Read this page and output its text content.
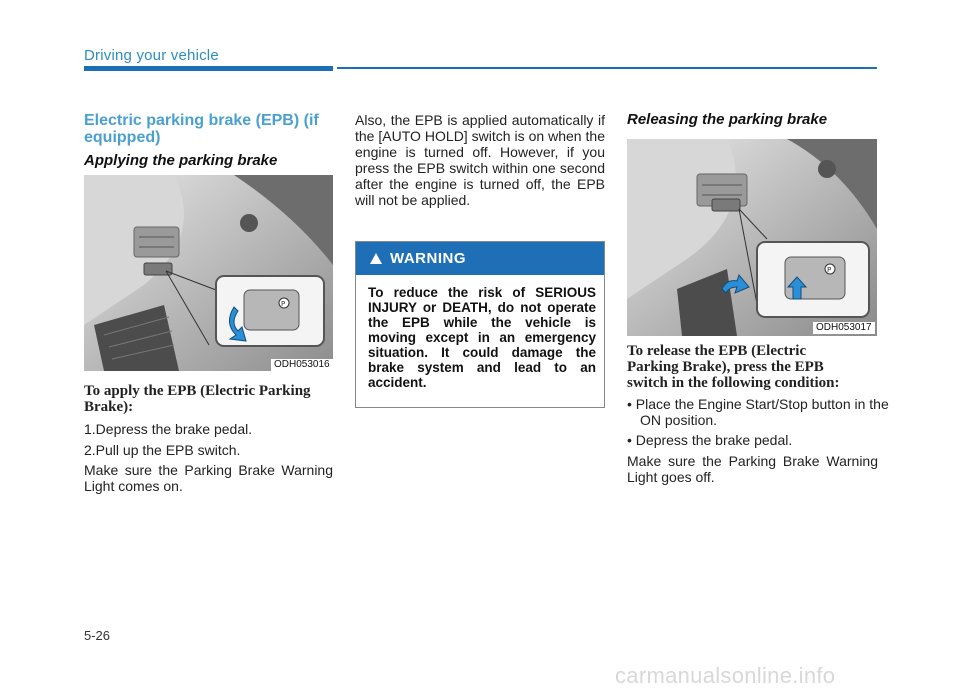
Driving your vehicle
Electric parking brake (EPB) (if equipped)
Applying the parking brake
P
ODH053016
To apply the EPB (Electric Parking Brake):
1.Depress the brake pedal.
2.Pull up the EPB switch.
Make sure the Parking Brake Warning Light comes on.
Also, the EPB is applied automatically if the [AUTO HOLD] switch is on when the engine is turned off. However, if you press the EPB switch within one second after the engine is turned off, the EPB will not be applied.
WARNING
To reduce the risk of SERIOUS INJURY or DEATH, do not operate the EPB while the vehicle is moving except in an emergency situation. It could damage the brake system and lead to an accident.
Releasing the parking brake
P
ODH053017
To release the EPB (Electric Parking Brake), press the EPB switch in the following condition:
• Place the Engine Start/Stop button in the ON position.
• Depress the brake pedal.
Make sure the Parking Brake Warning Light goes off.
5-26
carmanualsonline.info
